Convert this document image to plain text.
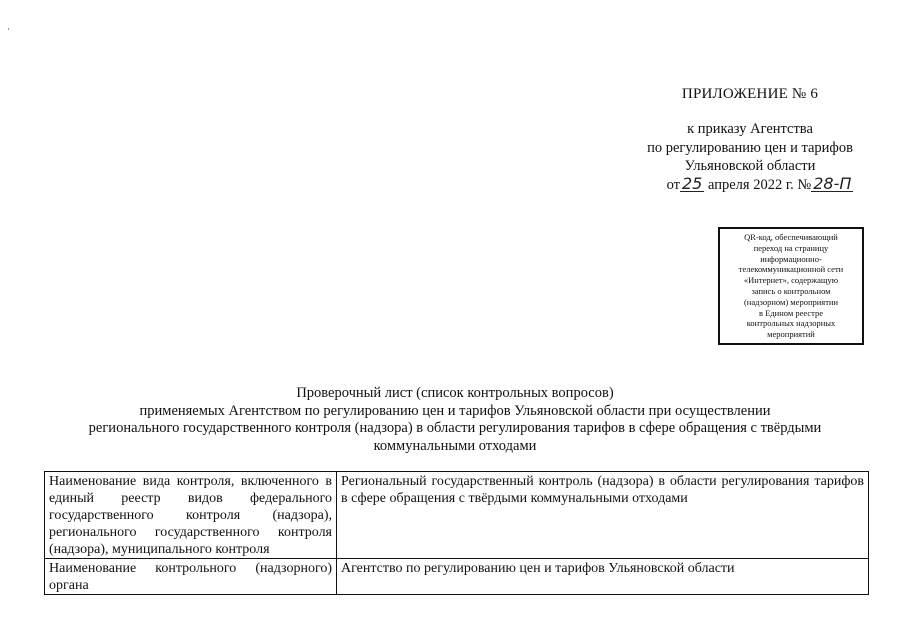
ПРИЛОЖЕНИЕ № 6
к приказу Агентства
по регулированию цен и тарифов
Ульяновской области
от 25 апреля 2022 г. № 28-П
QR-код, обеспечивающий
переход на страницу
информационно-
телекоммуникационной сети
«Интернет», содержащую
запись о контрольном
(надзорном) мероприятии
в Едином реестре
контрольных надзорных
мероприятий
Проверочный лист (список контрольных вопросов)
применяемых Агентством по регулированию цен и тарифов Ульяновской области при осуществлении
регионального государственного контроля (надзора) в области регулирования тарифов в сфере обращения с твёрдыми
коммунальными отходами
Наименование вида контроля, включенного в единый реестр видов федерального государственного контроля (надзора), регионального государственного контроля (надзора), муниципального контроля	Региональный государственный контроль (надзора) в области регулирования тарифов в сфере обращения с твёрдыми коммунальными отходами
Наименование контрольного (надзорного) органа	Агентство по регулированию цен и тарифов Ульяновской области
